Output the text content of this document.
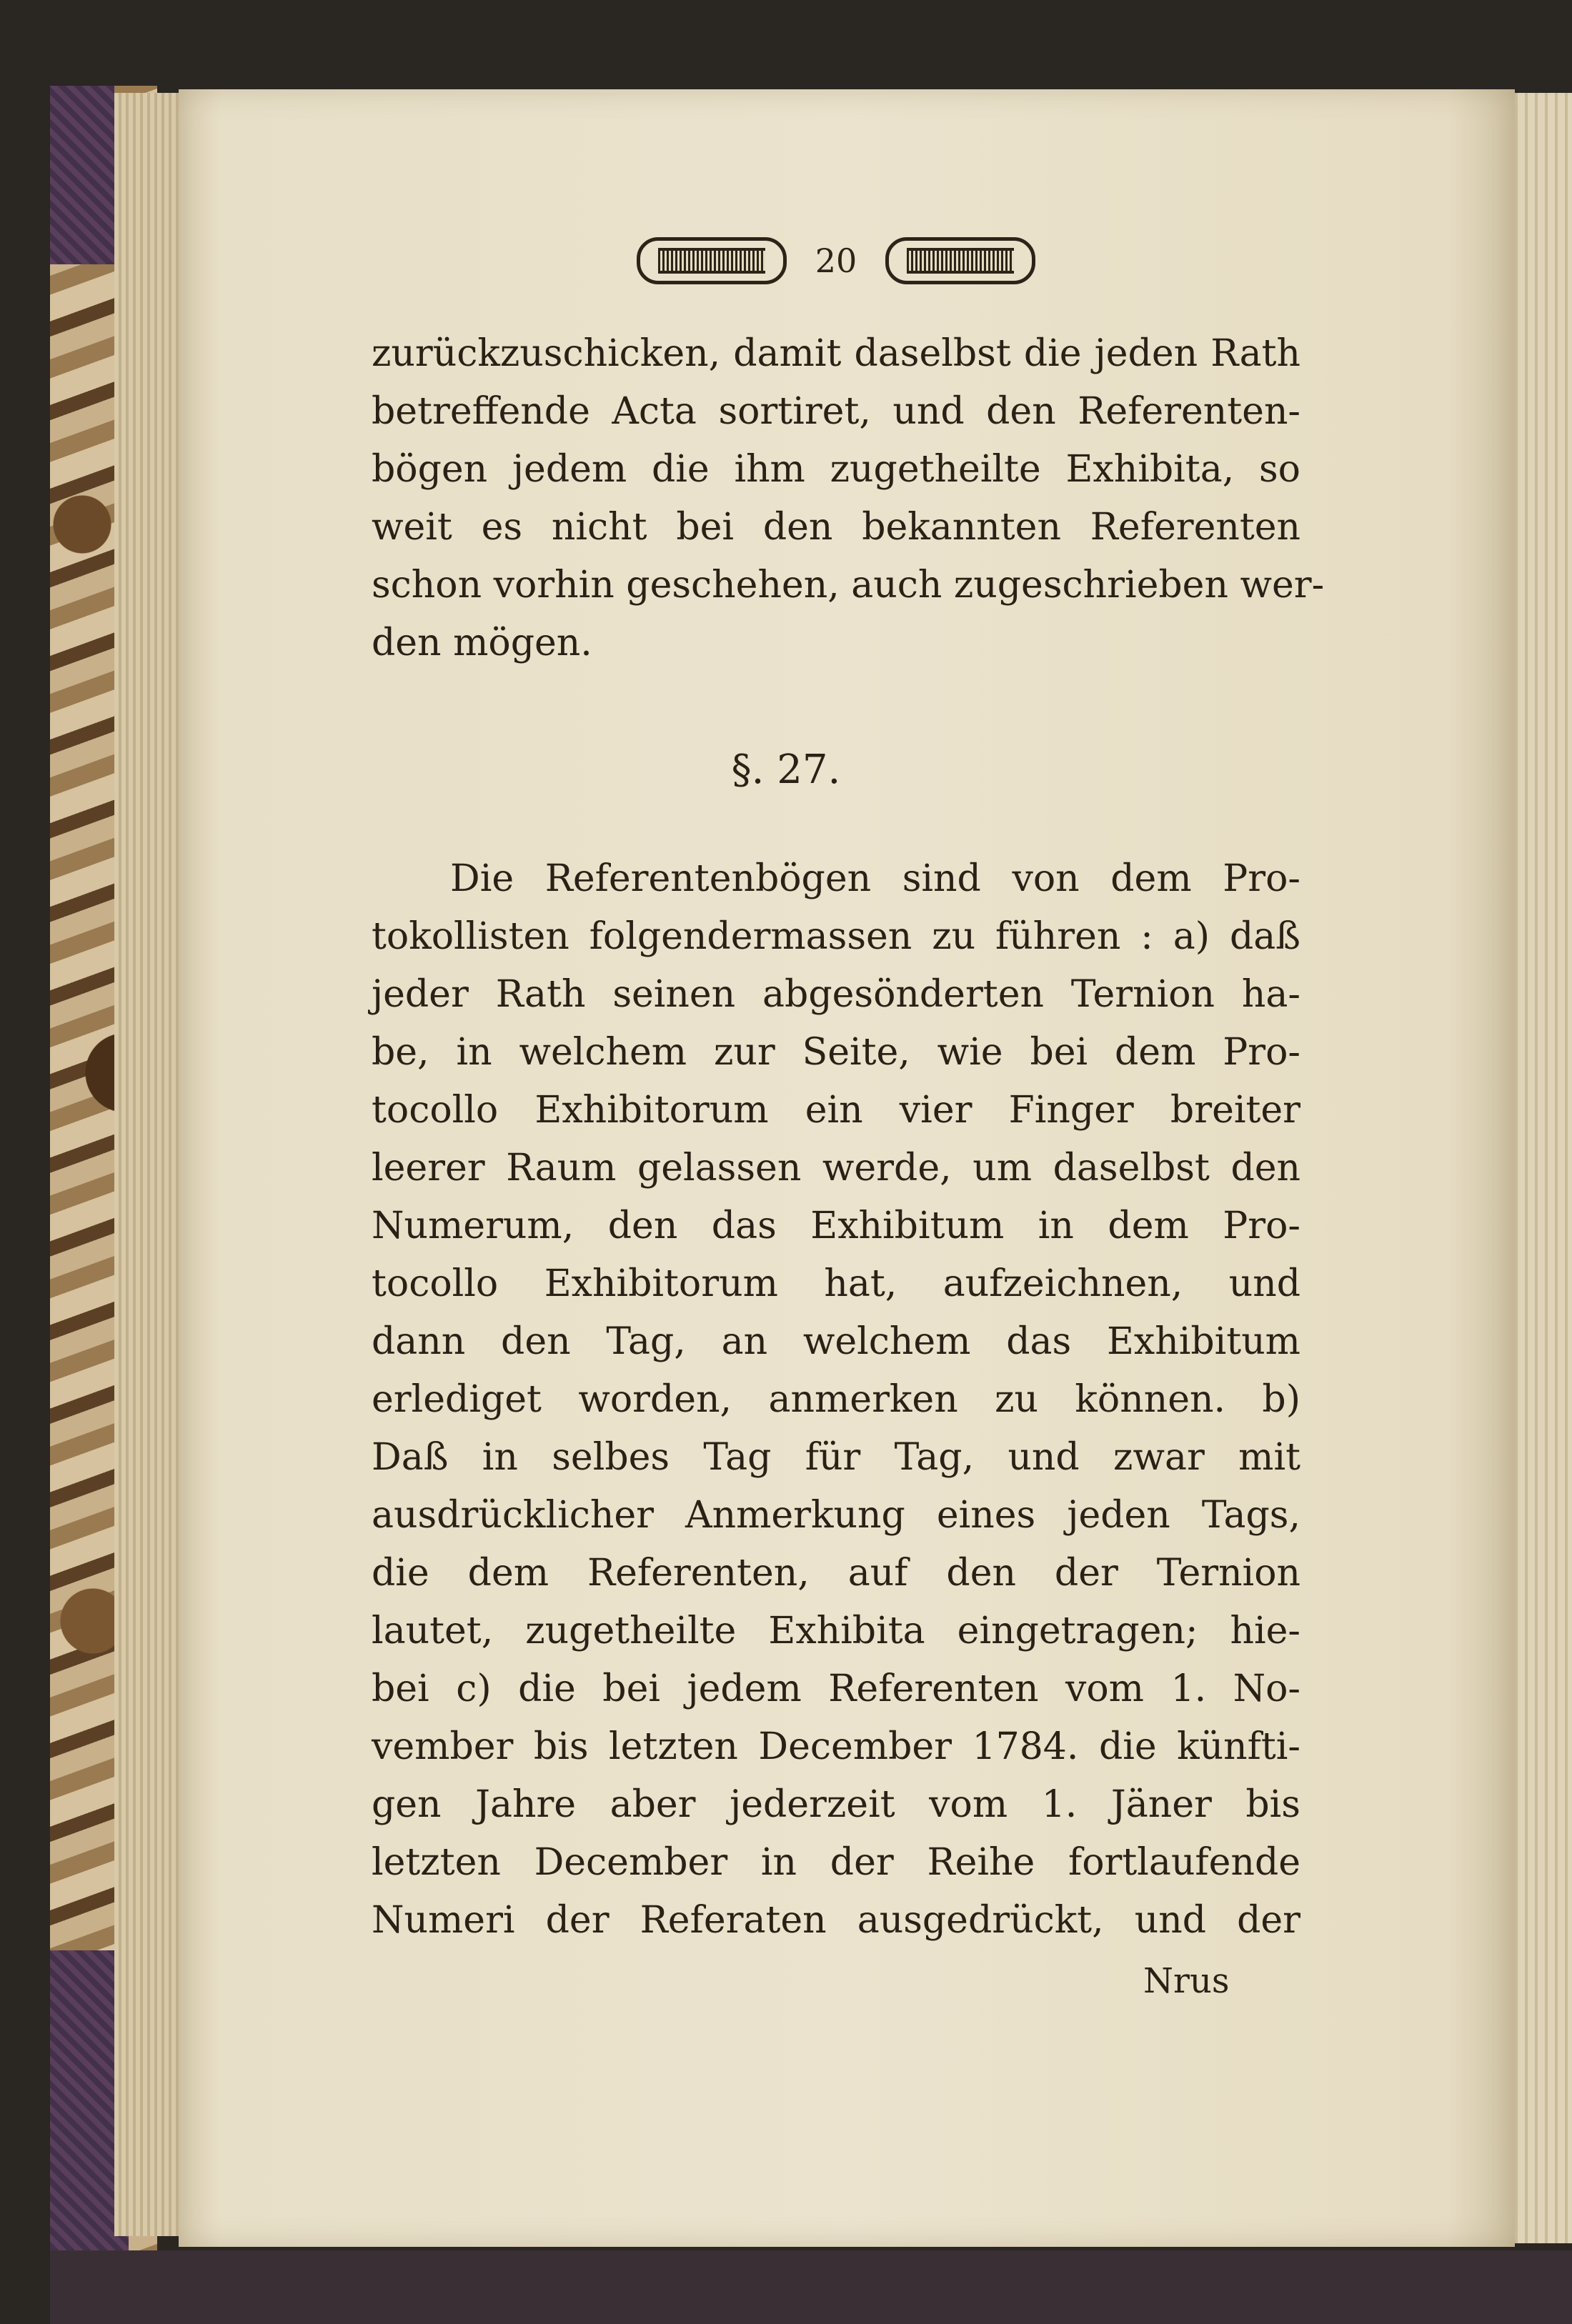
20
zurückzuschicken, damit daselbst die jeden Rath
betreffende Acta sortiret, und den Referenten-
bögen jedem die ihm zugetheilte Exhibita, so
weit es nicht bei den bekannten Referenten
schon vorhin geschehen, auch zugeschrieben wer-
den mögen.
§. 27.
Die Referentenbögen sind von dem Pro-
tokollisten folgendermassen zu führen : a) daß
jeder Rath seinen abgesönderten Ternion ha-
be, in welchem zur Seite, wie bei dem Pro-
tocollo Exhibitorum ein vier Finger breiter
leerer Raum gelassen werde, um daselbst den
Numerum, den das Exhibitum in dem Pro-
tocollo Exhibitorum hat, aufzeichnen, und
dann den Tag, an welchem das Exhibitum
erlediget worden, anmerken zu können. b)
Daß in selbes Tag für Tag, und zwar mit
ausdrücklicher Anmerkung eines jeden Tags,
die dem Referenten, auf den der Ternion
lautet, zugetheilte Exhibita eingetragen; hie-
bei c) die bei jedem Referenten vom 1. No-
vember bis letzten December 1784. die künfti-
gen Jahre aber jederzeit vom 1. Jäner bis
letzten December in der Reihe fortlaufende
Numeri der Referaten ausgedrückt, und der
Nrus
